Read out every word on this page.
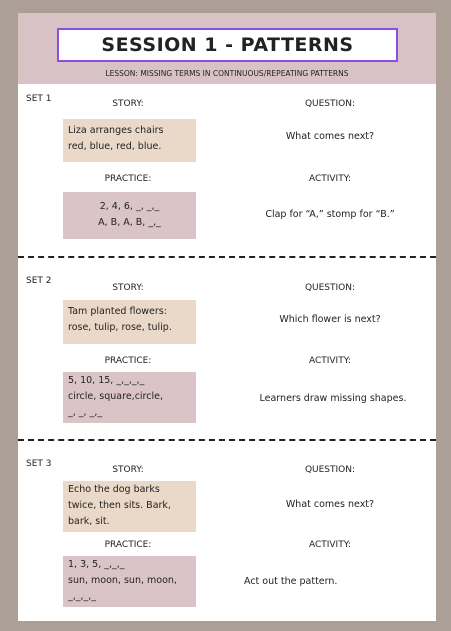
SESSION 1 - PATTERNS
LESSON: MISSING TERMS IN CONTINUOUS/REPEATING PATTERNS
SET 1	STORY:	QUESTION:
Liza arranges chairs
red, blue, red, blue.
What comes next?
PRACTICE:	ACTIVITY:
2, 4, 6, _, _,_
A, B, A, B, _,_
Clap for “A,” stomp for “B.”
SET 2
STORY:	QUESTION:
Tam planted flowers:
rose, tulip, rose, tulip.
Which flower is next?
PRACTICE:	ACTIVITY:
5, 10, 15, _,_,_,_
circle, square,circle,
_, _, _,_
Learners draw missing shapes.
SET 3
STORY:	QUESTION:
Echo the dog barks
twice, then sits. Bark,
bark, sit.
What comes next?
PRACTICE:	ACTIVITY:
1, 3, 5, _,_,_
sun, moon, sun, moon,
_,_,_,_
Act out the pattern.
